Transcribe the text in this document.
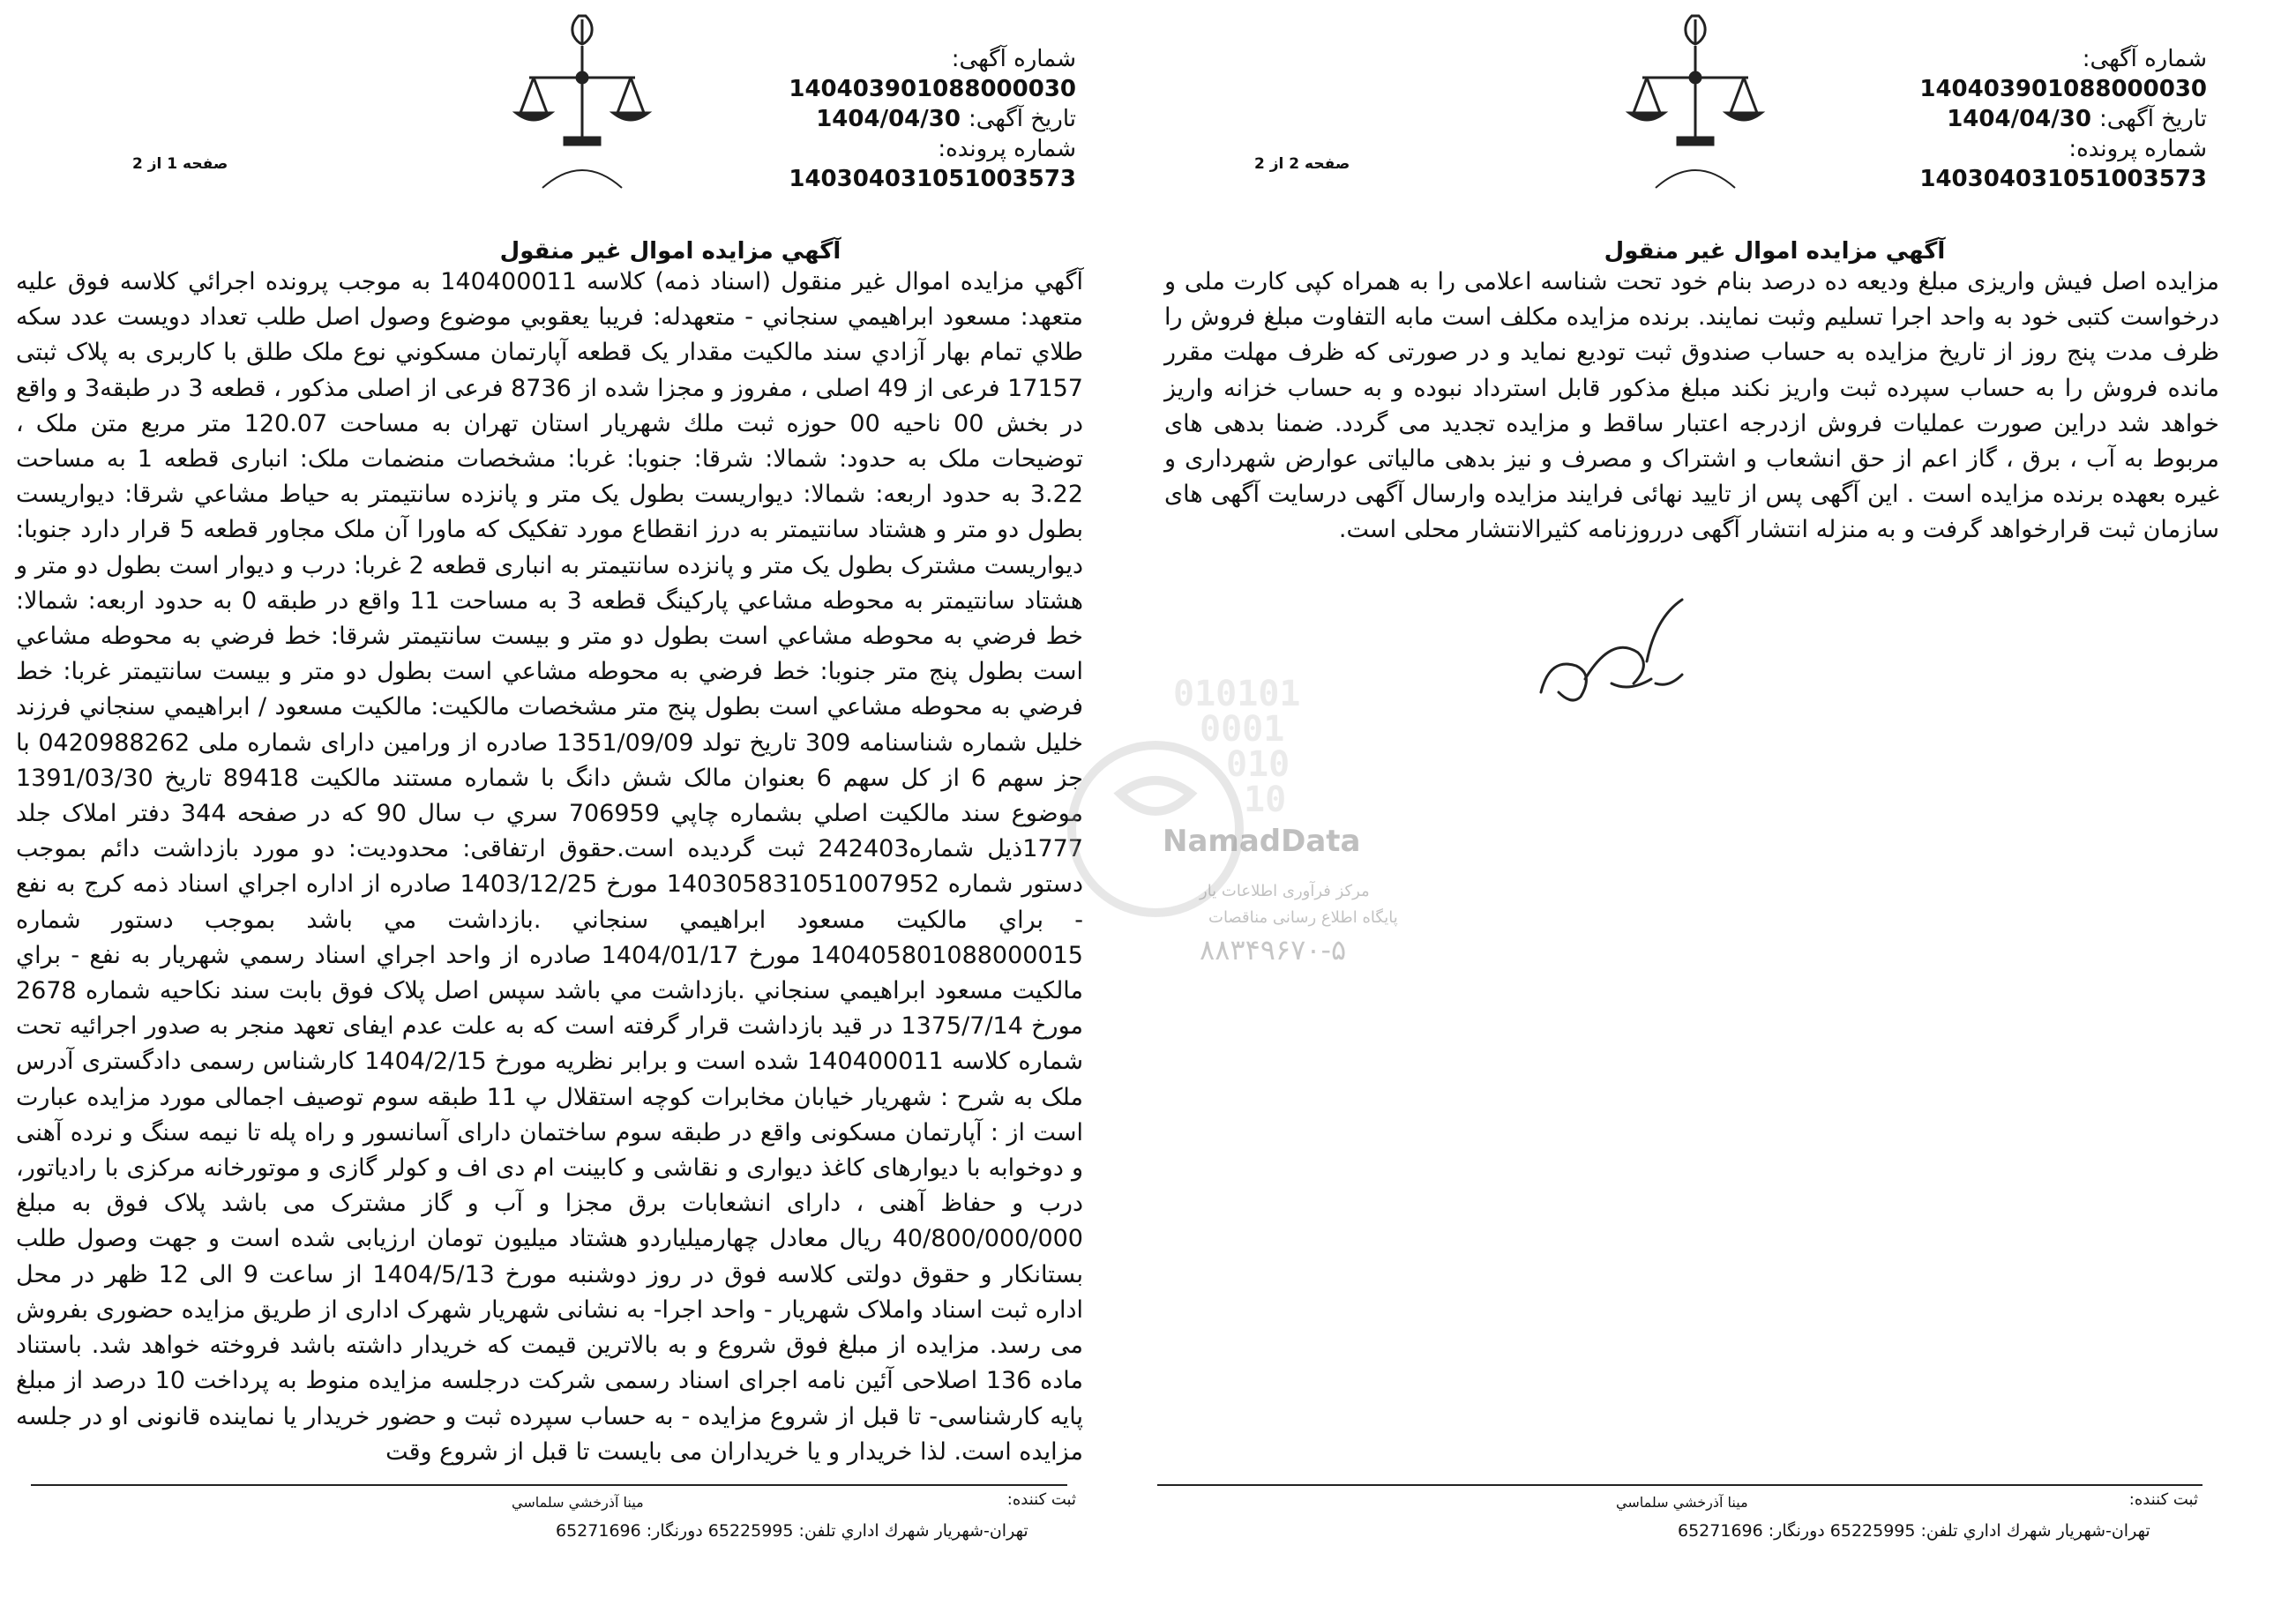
شماره آگهی: 140403901088000030
تاریخ آگهی: 1404/04/30
شماره پرونده: 140304031051003573
صفحه 1 از 2
آگهي مزايده اموال غير منقول
آگهي مزايده اموال غير منقول (اسناد ذمه) کلاسه 140400011 به موجب پرونده اجرائي کلاسه فوق عليه متعهد: مسعود ابراهيمي سنجاني - متعهدله: فريبا يعقوبي موضوع وصول اصل طلب تعداد دويست عدد سکه طلاي تمام بهار آزادي سند مالکيت مقدار يک قطعه آپارتمان مسکوني نوع ملک طلق با کاربری به پلاک ثبتی 17157 فرعی از 49 اصلی ، مفروز و مجزا شده از 8736 فرعی از اصلی مذکور ، قطعه 3 در طبقه3 و واقع در بخش 00 ناحیه 00 حوزه ثبت ملك شهريار استان تهران به مساحت 120.07 متر مربع متن ملک ، توضیحات ملک به حدود: شمالا: شرقا: جنوبا: غربا: مشخصات منضمات ملک: انباری قطعه 1 به مساحت 3.22 به حدود اربعه: شمالا: دیواریست بطول یک متر و پانزده سانتیمتر به حیاط مشاعي شرقا: دیواریست بطول دو متر و هشتاد سانتیمتر به درز انقطاع مورد تفکیک که ماورا آن ملک مجاور قطعه 5 قرار دارد جنوبا: دیواریست مشترک بطول یک متر و پانزده سانتیمتر به انباری قطعه 2 غربا: درب و دیوار است بطول دو متر و هشتاد سانتیمتر به محوطه مشاعي پارکینگ قطعه 3 به مساحت 11 واقع در طبقه 0 به حدود اربعه: شمالا: خط فرضي به محوطه مشاعي است بطول دو متر و بیست سانتیمتر شرقا: خط فرضي به محوطه مشاعي است بطول پنج متر جنوبا: خط فرضي به محوطه مشاعي است بطول دو متر و بیست سانتیمتر غربا: خط فرضي به محوطه مشاعي است بطول پنج متر مشخصات مالکیت: مالکیت مسعود / ابراهيمي سنجاني فرزند خليل شماره شناسنامه 309 تاريخ تولد 1351/09/09 صادره از ورامين دارای شماره ملی 0420988262 با جز سهم 6 از کل سهم 6 بعنوان مالک شش دانگ با شماره مستند مالکيت 89418 تاريخ 1391/03/30 موضوع سند مالکيت اصلي بشماره چاپي 706959 سري ب سال 90 که در صفحه 344 دفتر املاک جلد 1777ذيل شماره242403 ثبت گرديده است.حقوق ارتفاقی: محدودیت: دو مورد بازداشت دائم بموجب دستور شماره 140305831051007952 مورخ 1403/12/25 صادره از اداره اجراي اسناد ذمه کرج به نفع - براي مالکيت مسعود ابراهيمي سنجاني .بازداشت مي باشد بموجب دستور شماره 140405801088000015 مورخ 1404/01/17 صادره از واحد اجراي اسناد رسمي شهريار به نفع - براي مالکيت مسعود ابراهيمي سنجاني .بازداشت مي باشد سپس اصل پلاک فوق بابت سند نکاحیه شماره 2678 مورخ 1375/7/14 در قيد بازداشت قرار گرفته است که به علت عدم ایفای تعهد منجر به صدور اجرائيه تحت شماره کلاسه 140400011 شده است و برابر نظريه مورخ 1404/2/15 کارشناس رسمی دادگستری آدرس ملک به شرح : شهريار خیابان مخابرات کوچه استقلال پ 11 طبقه سوم توصیف اجمالی مورد مزايده عبارت است از : آپارتمان مسکونی واقع در طبقه سوم ساختمان دارای آسانسور و راه پله تا نیمه سنگ و نرده آهنی و دوخوابه با دیوارهای کاغذ دیواری و نقاشی و کابینت ام دی اف و کولر گازی و موتورخانه مرکزی با رادیاتور، درب و حفاظ آهنی ، دارای انشعابات برق مجزا و آب و گاز مشترک می باشد پلاک فوق به مبلغ 40/800/000/000 ریال معادل چهارمیلیاردو هشتاد میلیون تومان ارزیابی شده است و جهت وصول طلب بستانکار و حقوق دولتی کلاسه فوق در روز دوشنبه مورخ 1404/5/13 از ساعت 9 الی 12 ظهر در محل اداره ثبت اسناد واملاک شهریار - واحد اجرا- به نشانی شهريار شهرک اداری از طریق مزایده حضوری بفروش می رسد. مزايده از مبلغ فوق شروع و به بالاترین قیمت که خریدار داشته باشد فروخته خواهد شد. باستناد ماده 136 اصلاحی آئین نامه اجرای اسناد رسمی شرکت درجلسه مزایده منوط به پرداخت 10 درصد از مبلغ پایه کارشناسی- تا قبل از شروع مزایده - به حساب سپرده ثبت و حضور خریدار یا نماینده قانونی او در جلسه مزایده است. لذا خریدار و یا خریداران می بایست تا قبل از شروع وقت
ثبت کننده:
مينا آذرخشي سلماسي
تهران-شهريار شهرك اداري تلفن: 65225995 دورنگار: 65271696
شماره آگهی: 140403901088000030
تاریخ آگهی: 1404/04/30
شماره پرونده: 140304031051003573
صفحه 2 از 2
آگهي مزايده اموال غير منقول
مزایده اصل فیش واریزی مبلغ ودیعه ده درصد بنام خود تحت شناسه اعلامی را به همراه کپی کارت ملی و درخواست کتبی خود به واحد اجرا تسلیم وثبت نمایند. برنده مزايده مکلف است مابه التفاوت مبلغ فروش را ظرف مدت پنج روز از تاریخ مزایده به حساب صندوق ثبت تودیع نماید و در صورتی که ظرف مهلت مقرر مانده فروش را به حساب سپرده ثبت واریز نکند مبلغ مذکور قابل استرداد نبوده و به حساب خزانه واریز خواهد شد دراین صورت عملیات فروش ازدرجه اعتبار ساقط و مزايده تجدید می گردد. ضمنا بدهی های مربوط به آب ، برق ، گاز اعم از حق انشعاب و اشتراک و مصرف و نیز بدهی مالیاتی عوارض شهرداری و غیره بعهده برنده مزايده است . این آگهی پس از تایید نهائی فرایند مزايده وارسال آگهی درسایت آگهی های سازمان ثبت قرارخواهد گرفت و به منزله انتشار آگهی درروزنامه کثیرالانتشار محلی است.
ثبت کننده:
مينا آذرخشي سلماسي
تهران-شهريار شهرك اداري تلفن: 65225995 دورنگار: 65271696
010101
0001
010
10
NamadData
مرکز فرآوری اطلاعات یار
پایگاه اطلاع رسانی مناقصات
۸۸۳۴۹۶۷۰-۵
